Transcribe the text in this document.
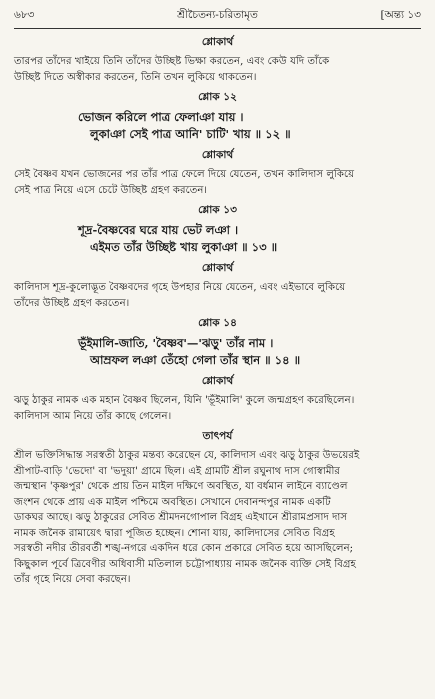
৬৮৩	শ্রীচৈতন্য-চরিতামৃত	[অন্ত্য ১৩
শ্লোকার্থ
তারপর তাঁদের খাইয়ে তিনি তাঁদের উচ্ছিষ্ট ভিক্ষা করতেন, এবং কেউ যদি তাঁকে
উচ্ছিষ্ট দিতে অস্বীকার করতেন, তিনি তখন লুকিয়ে থাকতেন।
শ্লোক ১২
ভোজন করিলে পাত্র ফেলাঞা যায় ।
লুকাঞা সেই পাত্র আনি' চাটি' খায় ॥ ১২ ॥
শ্লোকার্থ
সেই বৈষ্ণব যখন ভোজনের পর তাঁর পাত্র ফেলে দিয়ে যেতেন, তখন কালিদাস লুকিয়ে
সেই পাত্র নিয়ে এসে চেটে উচ্ছিষ্ট গ্রহণ করতেন।
শ্লোক ১৩
শূদ্র-বৈষ্ণবের ঘরে যায় ভেট লঞা ।
এইমত তাঁর উচ্ছিষ্ট খায় লুকাঞা ॥ ১৩ ॥
শ্লোকার্থ
কালিদাস শূদ্র-কুলোদ্ভূত বৈষ্ণবদের গৃহে উপহার নিয়ে যেতেন, এবং এইভাবে লুকিয়ে
তাঁদের উচ্ছিষ্ট গ্রহণ করতেন।
শ্লোক ১৪
ভূঁইমালি-জাতি, 'বৈষ্ণব'—'ঝড়ু' তাঁর নাম ।
আম্রফল লঞা তেঁহো গেলা তাঁর স্থান ॥ ১৪ ॥
শ্লোকার্থ
ঝড়ু ঠাকুর নামক এক মহান বৈষ্ণব ছিলেন, যিনি 'ভূঁইমালি' কুলে জন্মগ্রহণ করেছিলেন।
কালিদাস আম নিয়ে তাঁর কাছে গেলেন।
তাৎপর্য
শ্রীল ভক্তিসিদ্ধান্ত সরস্বতী ঠাকুর মন্তব্য করেছেন যে, কালিদাস এবং ঝড়ু ঠাকুর উভয়েরই
শ্রীপাট-বাড়ি 'ভেদো' বা 'ভদুয়া' গ্রামে ছিল। এই গ্রামটি শ্রীল রঘুনাথ দাস গোস্বামীর
জন্মস্থান 'কৃষ্ণপুর' থেকে প্রায় তিন মাইল দক্ষিণে অবস্থিত, যা বর্ধমান লাইনে ব্যাণ্ডেল
জংশন থেকে প্রায় এক মাইল পশ্চিমে অবস্থিত। সেখানে দেবানন্দপুর নামক একটি
ডাকঘর আছে। ঝড়ু ঠাকুরের সেবিত শ্রীমদনগোপাল বিগ্রহ এইখানে শ্রীরামপ্রসাদ দাস
নামক জনৈক রামায়েৎ দ্বারা পূজিত হচ্ছেন। শোনা যায়, কালিদাসের সেবিত বিগ্রহ
সরস্বতী নদীর তীরবর্তী শঙ্খ-নগরে একদিন ধরে কোন প্রকারে সেবিত হয়ে আসছিলেন;
কিছুকাল পূর্বে ত্রিবেণীর অধিবাসী মতিলাল চট্টোপাধ্যায় নামক জনৈক ব্যক্তি সেই বিগ্রহ
তাঁর গৃহে নিয়ে সেবা করছেন।
